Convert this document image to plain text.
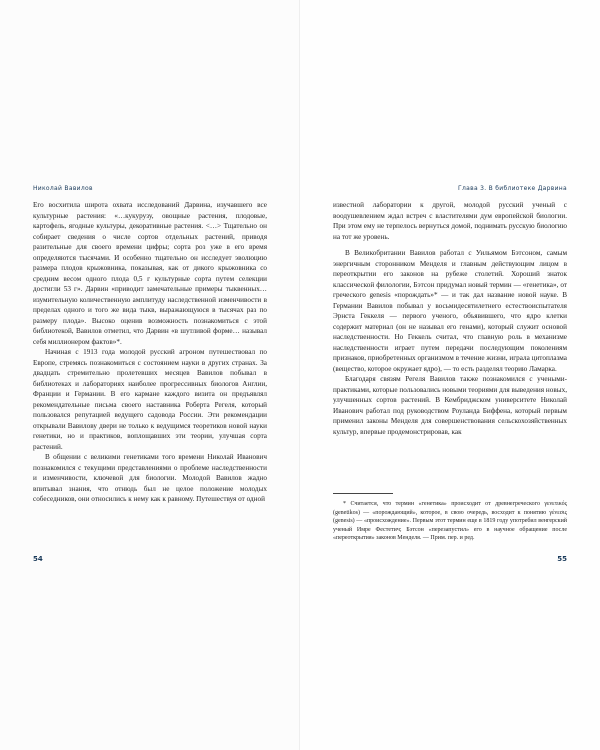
Николай Вавилов

Его восхитила широта охвата исследований Дарвина, изучавшего все культурные растения: «…кукурузу, овощные растения, плодовые, картофель, ягодные культуры, декоративные растения. <…> Тщательно он собирает сведения о числе сортов отдельных растений, приводя разительные для своего времени цифры; сорта роз уже в его время определяются тысячами. И особенно тщательно он исследует эволюцию размера плодов крыжовника, показывая, как от дикого крыжовника со средним весом одного плода 0,5 г культурные сорта путем селекции достигли 53 г». Дарвин «приводит замечательные примеры тыквенных… изумительную количественную амплитуду наследственной изменчивости в пределах одного и того же вида тыкв, выражающуюся в тысячах раз по размеру плода». Высоко оценив возможность познакомиться с этой библиотекой, Вавилов отметил, что Дарвин «в шутливой форме… называл себя миллионером фактов»*.

Начиная с 1913 года молодой русский агроном путешествовал по Европе, стремясь познакомиться с состоянием науки в других странах. За двадцать стремительно пролетевших месяцев Вавилов побывал в библиотеках и лабораториях наиболее прогрессивных биологов Англии, Франции и Германии. В его кармане каждого визита он предъявлял рекомендательные письма своего наставника Роберта Регеля, который пользовался репутацией ведущего садовода России. Эти рекомендации открывали Вавилову двери не только к ведущимся теоретиков новой науки генетики, но и практиков, воплощавших эти теории, улучшая сорта растений.

В общении с великими генетиками того времени Николай Иванович познакомился с текущими представлениями о проблеме наследственности и изменчивости, ключевой для биологии. Молодой Вавилов жадно впитывал знания, что отнюдь был не целое положение молодых собеседников, они относились к нему как к равному. Путешествуя от одной

54
Глава 3. В библиотеке Дарвина

известной лаборатории к другой, молодой русский ученый с воодушевлением ждал встреч с властителями дум европейской биологии. При этом ему не терпелось вернуться домой, поднимать русскую биологию на тот же уровень.

В Великобритании Вавилов работал с Уильямом Бэтсоном, самым энергичным сторонником Менделя и главным действующим лицом в переоткрытии его законов на рубеже столетий. Хороший знаток классической филологии, Бэтсон придумал новый термин — «генетика», от греческого genesis «порождать»* — и так дал название новой науке. В Германии Вавилов побывал у восьмидесятилетнего естествоиспытателя Эрнста Геккеля — первого ученого, объявившего, что ядро клетки содержит материал (он не называл его генами), который служит основой наследственности. Но Геккель считал, что главную роль в механизме наследственности играет путем передачи последующим поколениям признаков, приобретенных организмом в течение жизни, играла цитоплазма (вещество, которое окружает ядро), — то есть разделял теорию Ламарка.

Благодаря связям Регеля Вавилов также познакомился с учеными-практиками, которые пользовались новыми теориями для выведения новых, улучшенных сортов растений. В Кембриджском университете Николай Иванович работал под руководством Роуланда Биффена, который первым применил законы Менделя для совершенствования сельскохозяйственных культур, впервые продемонстрировав, как

* Считается, что термин «генетика» происходит от древнегреческого γενετικός (genetikos) — «порождающий», которое, в свою очередь, восходит к понятию γένεσις (genesis) — «происхождение». Первым этот термин еще в 1819 году употребил венгерский ученый Имре Фестетич; Бэтсон «перезапустил» его в научное обращение после «переоткрытия» законов Менделя. — Прим. пер. и ред.

55
